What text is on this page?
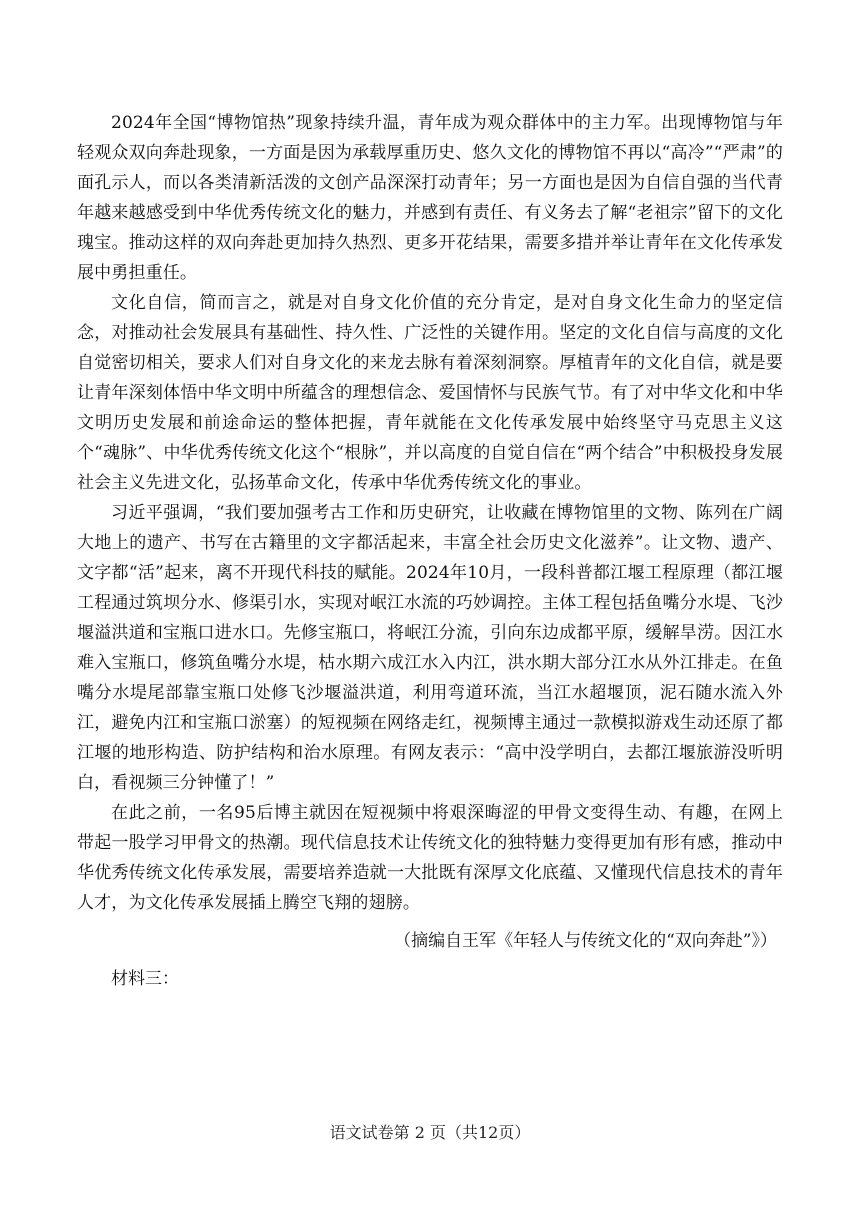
2024年全国“博物馆热”现象持续升温，青年成为观众群体中的主力军。出现博物馆与年轻观众双向奔赴现象，一方面是因为承载厚重历史、悠久文化的博物馆不再以“高冷”“严肃”的面孔示人，而以各类清新活泼的文创产品深深打动青年；另一方面也是因为自信自强的当代青年越来越感受到中华优秀传统文化的魅力，并感到有责任、有义务去了解“老祖宗”留下的文化瑰宝。推动这样的双向奔赴更加持久热烈、更多开花结果，需要多措并举让青年在文化传承发展中勇担重任。

文化自信，简而言之，就是对自身文化价值的充分肯定，是对自身文化生命力的坚定信念，对推动社会发展具有基础性、持久性、广泛性的关键作用。坚定的文化自信与高度的文化自觉密切相关，要求人们对自身文化的来龙去脉有着深刻洞察。厚植青年的文化自信，就是要让青年深刻体悟中华文明中所蕴含的理想信念、爱国情怀与民族气节。有了对中华文化和中华文明历史发展和前途命运的整体把握，青年就能在文化传承发展中始终坚守马克思主义这个“魂脉”、中华优秀传统文化这个“根脉”，并以高度的自觉自信在“两个结合”中积极投身发展社会主义先进文化，弘扬革命文化，传承中华优秀传统文化的事业。

习近平强调，“我们要加强考古工作和历史研究，让收藏在博物馆里的文物、陈列在广阔大地上的遗产、书写在古籍里的文字都活起来，丰富全社会历史文化滋养”。让文物、遗产、文字都“活”起来，离不开现代科技的赋能。2024年10月，一段科普都江堰工程原理（都江堰工程通过筑坝分水、修渠引水，实现对岷江水流的巧妙调控。主体工程包括鱼嘴分水堤、飞沙堰溢洪道和宝瓶口进水口。先修宝瓶口，将岷江分流，引向东边成都平原，缓解旱涝。因江水难入宝瓶口，修筑鱼嘴分水堤，枯水期六成江水入内江，洪水期大部分江水从外江排走。在鱼嘴分水堤尾部靠宝瓶口处修飞沙堰溢洪道，利用弯道环流，当江水超堰顶，泥石随水流入外江，避免内江和宝瓶口淤塞）的短视频在网络走红，视频博主通过一款模拟游戏生动还原了都江堰的地形构造、防护结构和治水原理。有网友表示：“高中没学明白，去都江堰旅游没听明白，看视频三分钟懂了！”

在此之前，一名95后博主就因在短视频中将艰深晦涩的甲骨文变得生动、有趣，在网上带起一股学习甲骨文的热潮。现代信息技术让传统文化的独特魅力变得更加有形有感，推动中华优秀传统文化传承发展，需要培养造就一大批既有深厚文化底蕴、又懂现代信息技术的青年人才，为文化传承发展插上腾空飞翔的翅膀。

（摘编自王军《年轻人与传统文化的“双向奔赴”》）

材料三：

语文试卷第 2 页（共12页）
